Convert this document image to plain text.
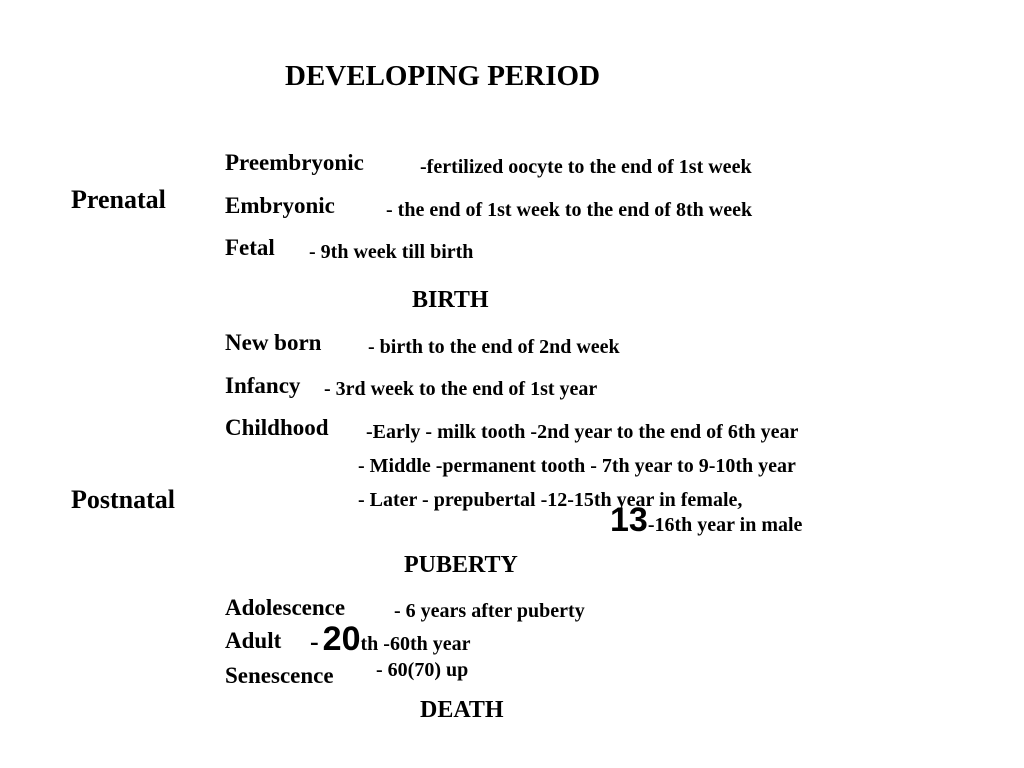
DEVELOPING PERIOD
Prenatal
Preembryonic	-fertilized oocyte to the end of 1st week
Embryonic	- the end of 1st week to the end of 8th week
Fetal - 9th week till birth
BIRTH
Postnatal
New born - birth to the end of 2nd week
Infancy - 3rd week to the end of 1st year
Childhood -Early - milk tooth -2nd year to the end of 6th year
- Middle -permanent tooth - 7th year to 9-10th year
- Later - prepubertal -12-15th year in female,
13-16th year in male
PUBERTY
Adolescence - 6 years after puberty
Adult - 20th -60th year
Senescence - 60(70) up
DEATH
